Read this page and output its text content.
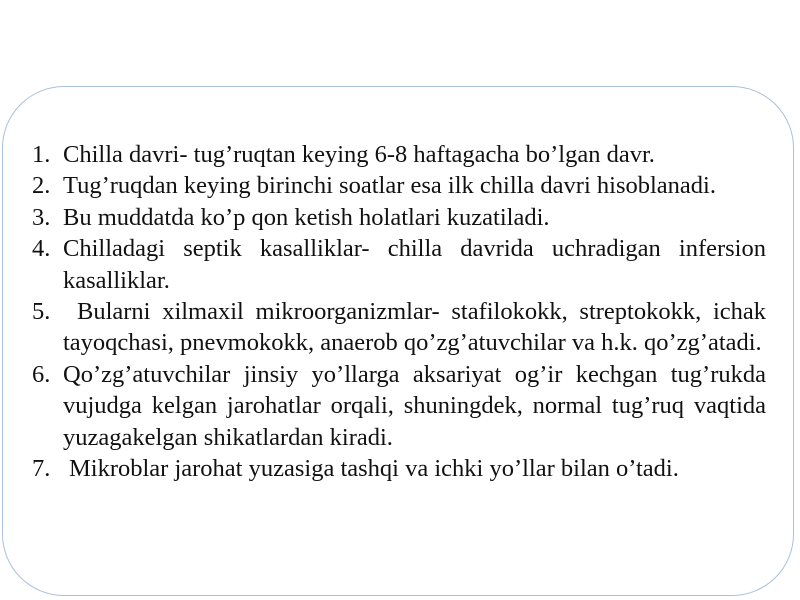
1. Chilla davri- tug’ruqtan keying 6-8 haftagacha bo’lgan davr.
2. Tug’ruqdan keying birinchi soatlar esa ilk chilla davri hisoblanadi.
3. Bu muddatda ko’p qon ketish holatlari kuzatiladi.
4. Chilladagi septik kasalliklar- chilla davrida uchradigan infersion kasalliklar.
5.	Bularni xilmaxil mikroorganizmlar- stafilokokk, streptokokk, ichak tayoqchasi, pnevmokokk, anaerob qo’zg’atuvchilar va h.k. qo’zg’atadi.
6. Qo’zg’atuvchilar jinsiy yo’llarga aksariyat og’ir kechgan tug’rukda vujudga kelgan jarohatlar orqali, shuningdek, normal tug’ruq vaqtida yuzagakelgan shikatlardan kiradi.
7. Mikroblar jarohat yuzasiga tashqi va ichki yo’llar bilan o’tadi.
